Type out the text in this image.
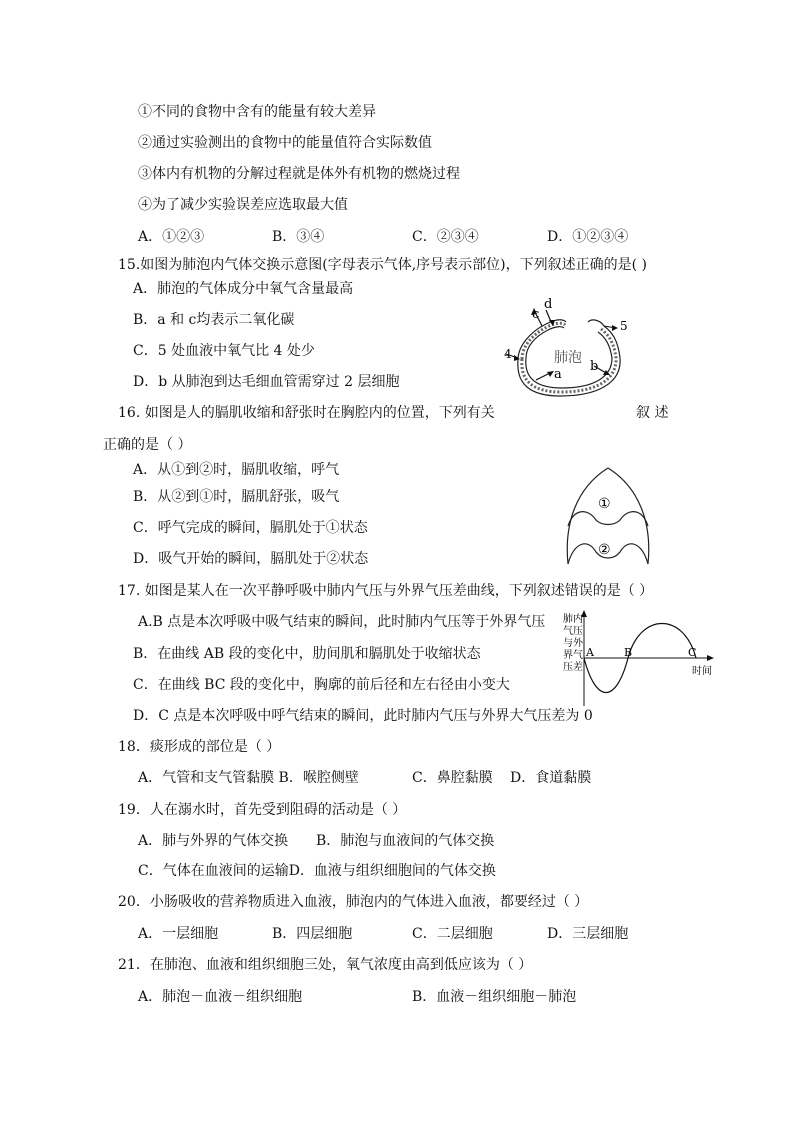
①不同的食物中含有的能量有较大差异
②通过实验测出的食物中的能量值符合实际数值
③体内有机物的分解过程就是体外有机物的燃烧过程
④为了减少实验误差应选取最大值
A．①②③	B．③④	C．②③④	D．①②③④
15.如图为肺泡内气体交换示意图(字母表示气体,序号表示部位)，下列叙述正确的是( )
A．肺泡的气体成分中氧气含量最高
B．a 和 c均表示二氧化碳
C．5 处血液中氧气比 4 处少
D．b 从肺泡到达毛细血管需穿过 2 层细胞
肺泡
c
d
5
4
b
a
16. 如图是人的膈肌收缩和舒张时在胸腔内的位置，下列有关	叙 述
正确的是（ ）
A．从①到②时，膈肌收缩，呼气
B．从②到①时，膈肌舒张，吸气
C．呼气完成的瞬间，膈肌处于①状态
D．吸气开始的瞬间，膈肌处于②状态
①
②
17. 如图是某人在一次平静呼吸中肺内气压与外界气压差曲线，下列叙述错误的是（ ）
A.B 点是本次呼吸中吸气结束的瞬间，此时肺内气压等于外界气压
B．在曲线 AB 段的变化中，肋间肌和膈肌处于收缩状态
C．在曲线 BC 段的变化中，胸廓的前后径和左右径由小变大
D．C 点是本次呼吸中呼气结束的瞬间，此时肺内气压与外界大气压差为 0
肺内
气压
与外
界气
压差
A	B	C
时间
18．痰形成的部位是（ ）
A．气管和支气管黏膜 B．喉腔侧壁	C．鼻腔黏膜 D．食道黏膜
19．人在溺水时，首先受到阻碍的活动是（ ）
A．肺与外界的气体交换 B．肺泡与血液间的气体交换
C．气体在血液间的运输D．血液与组织细胞间的气体交换
20．小肠吸收的营养物质进入血液，肺泡内的气体进入血液，都要经过（ ）
A．一层细胞	B．四层细胞	C．二层细胞	D．三层细胞
21．在肺泡、血液和组织细胞三处，氧气浓度由高到低应该为（ ）
A．肺泡－血液－组织细胞	B．血液－组织细胞－肺泡
